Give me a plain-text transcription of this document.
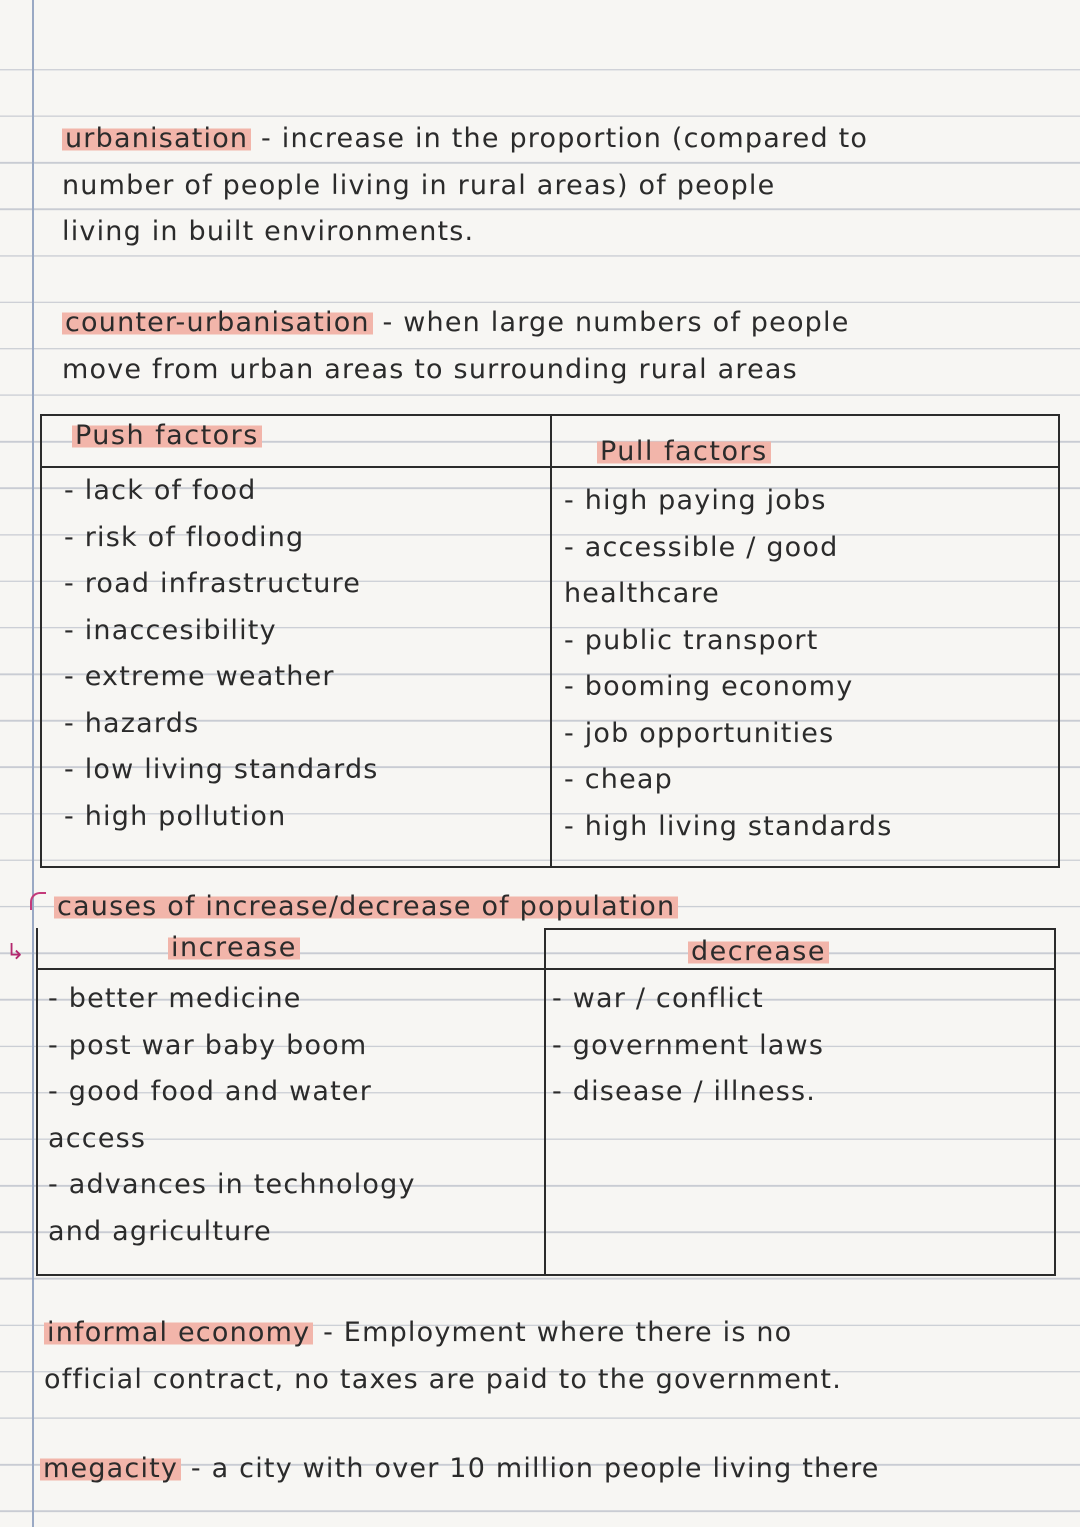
urbanisation - increase in the proportion (compared to

number of people living in rural areas) of people

living in built environments.

counter-urbanisation - when large numbers of people

move from urban areas to surrounding rural areas

Push factors
Pull factors
- lack of food
- risk of flooding
- road infrastructure
- inaccesibility
- extreme weather
- hazards
- low living standards
- high pollution
- high paying jobs
- accessible / good
healthcare
- public transport
- booming economy
- job opportunities
- cheap
- high living standards
↳
causes of increase/decrease of population
increase	decrease
- better medicine
- post war baby boom
- good food and water
access
- advances in technology
and agriculture
- war / conflict
- government laws
- disease / illness.

informal economy - Employment where there is no

official contract, no taxes are paid to the government.

megacity - a city with over 10 million people living there
